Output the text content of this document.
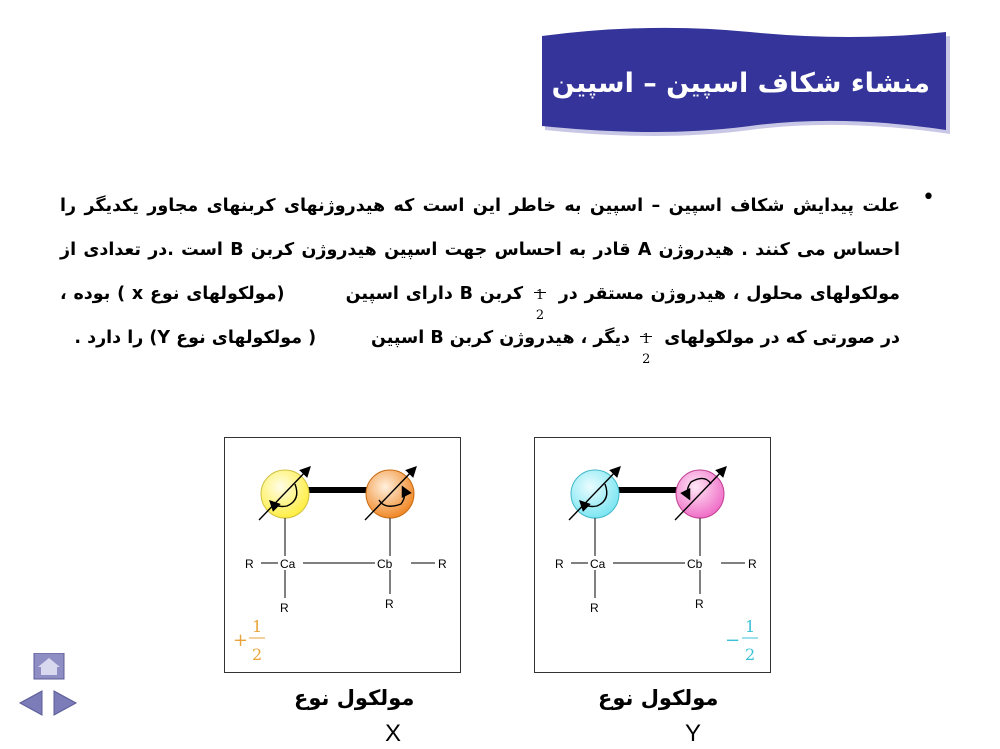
منشاء شکاف اسپین – اسپین :
•
علت پیدایش شکاف اسپین – اسپین به خاطر این است که هیدروژنهای کربنهای مجاور یکدیگر را احساس می کنند . هیدروژن A قادر به احساس جهت اسپین هیدروژن کربن B است .در تعدادی از مولکولهای محلول ، هیدروژن مستقر در
1
2
کربن B دارای اسپین         (مولکولهای نوع x ) بوده ، در صورتی که در مولکولهای
1
2
دیگر ، هیدروژن کربن B اسپین         ( مولکولهای نوع Y) را دارد .
R Ca	Cb	R
R	R
+
1
2
R Ca	Cb	R
R	R
−
1
2
مولکول نوع
X
مولکول نوع
Y
